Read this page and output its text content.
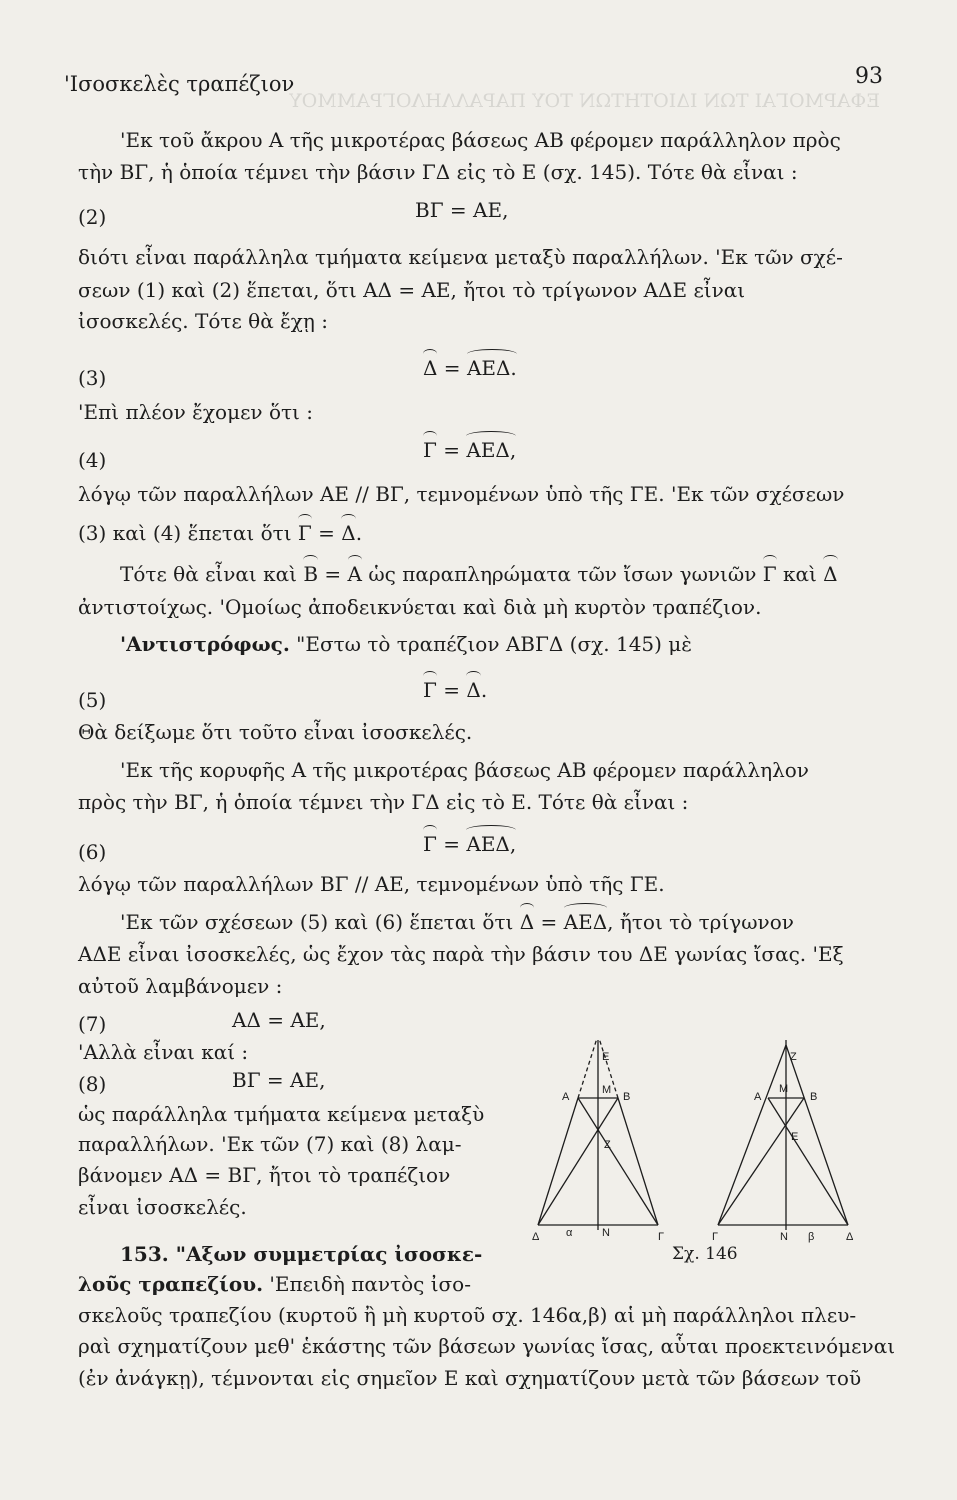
ΕΦΑΡΜΟΓΑΙ ΤΩΝ ΙΔΙΟΤΗΤΩΝ ΤΟΥ ΠΑΡΑΛΛΗΛΟΓΡΑΜΜΟΥ
'Ισοσκελὲς τραπέζιον	93
'Εκ τοῦ ἄκρου Α τῆς μικροτέρας βάσεως ΑΒ φέρομεν παράλληλον πρὸς
τὴν ΒΓ, ἡ ὁποία τέμνει τὴν βάσιν ΓΔ εἰς τὸ Ε (σχ. 145). Τότε θὰ εἶναι :
(2)	ΒΓ = ΑΕ,
διότι εἶναι παράλληλα τμήματα κείμενα μεταξὺ παραλλήλων. 'Εκ τῶν σχέ-
σεων (1) καὶ (2) ἕπεται, ὅτι ΑΔ = ΑΕ, ἤτοι τὸ τρίγωνον ΑΔΕ εἶναι
ἰσοσκελές. Τότε θὰ ἔχῃ :
(3)	Δ = ΑΕΔ.
'Επὶ πλέον ἔχομεν ὅτι :
(4)	Γ = ΑΕΔ,
λόγῳ τῶν παραλλήλων ΑΕ // ΒΓ, τεμνομένων ὑπὸ τῆς ΓΕ. 'Εκ τῶν σχέσεων
(3) καὶ (4) ἕπεται ὅτι Γ = Δ.
Τότε θὰ εἶναι καὶ Β = Α ὡς παραπληρώματα τῶν ἴσων γωνιῶν Γ καὶ Δ
ἀντιστοίχως. 'Ομοίως ἀποδεικνύεται καὶ διὰ μὴ κυρτὸν τραπέζιον.
'Αντιστρόφως. "Εστω τὸ τραπέζιον ΑΒΓΔ (σχ. 145) μὲ
(5)	Γ = Δ.
Θὰ δείξωμε ὅτι τοῦτο εἶναι ἰσοσκελές.
'Εκ τῆς κορυφῆς Α τῆς μικροτέρας βάσεως ΑΒ φέρομεν παράλληλον
πρὸς τὴν ΒΓ, ἡ ὁποία τέμνει τὴν ΓΔ εἰς τὸ Ε. Τότε θὰ εἶναι :
(6)	Γ = ΑΕΔ,
λόγῳ τῶν παραλλήλων ΒΓ // ΑΕ, τεμνομένων ὑπὸ τῆς ΓΕ.
'Εκ τῶν σχέσεων (5) καὶ (6) ἕπεται ὅτι Δ = ΑΕΔ, ἤτοι τὸ τρίγωνον
ΑΔΕ εἶναι ἰσοσκελές, ὡς ἔχον τὰς παρὰ τὴν βάσιν του ΔΕ γωνίας ἴσας. 'Εξ
αὐτοῦ λαμβάνομεν :
(7)	ΑΔ = ΑΕ,
'Αλλὰ εἶναι καί :
(8)	ΒΓ = ΑΕ,
ὡς παράλληλα τμήματα κείμενα μεταξὺ
παραλλήλων. 'Εκ τῶν (7) καὶ (8) λαμ-
βάνομεν ΑΔ = ΒΓ, ἤτοι τὸ τραπέζιον
εἶναι ἰσοσκελές.
153. "Αξων συμμετρίας ἰσοσκε-
λοῦς τραπεζίου. 'Επειδὴ παντὸς ἰσο-
σκελοῦς τραπεζίου (κυρτοῦ ἢ μὴ κυρτοῦ σχ. 146α,β) αἱ μὴ παράλληλοι πλευ-
ραὶ σχηματίζουν μεθ' ἑκάστης τῶν βάσεων γωνίας ἴσας, αὗται προεκτεινόμεναι
(ἐν ἀνάγκῃ), τέμνονται εἰς σημεῖον Ε καὶ σχηματίζουν μετὰ τῶν βάσεων τοῦ
Ε
Α
Μ
Β
Ζ
Δ α	Ν	Γ
Ζ
Α
Μ
Β
Ε
Γ	Ν β	Δ
Σχ. 146
